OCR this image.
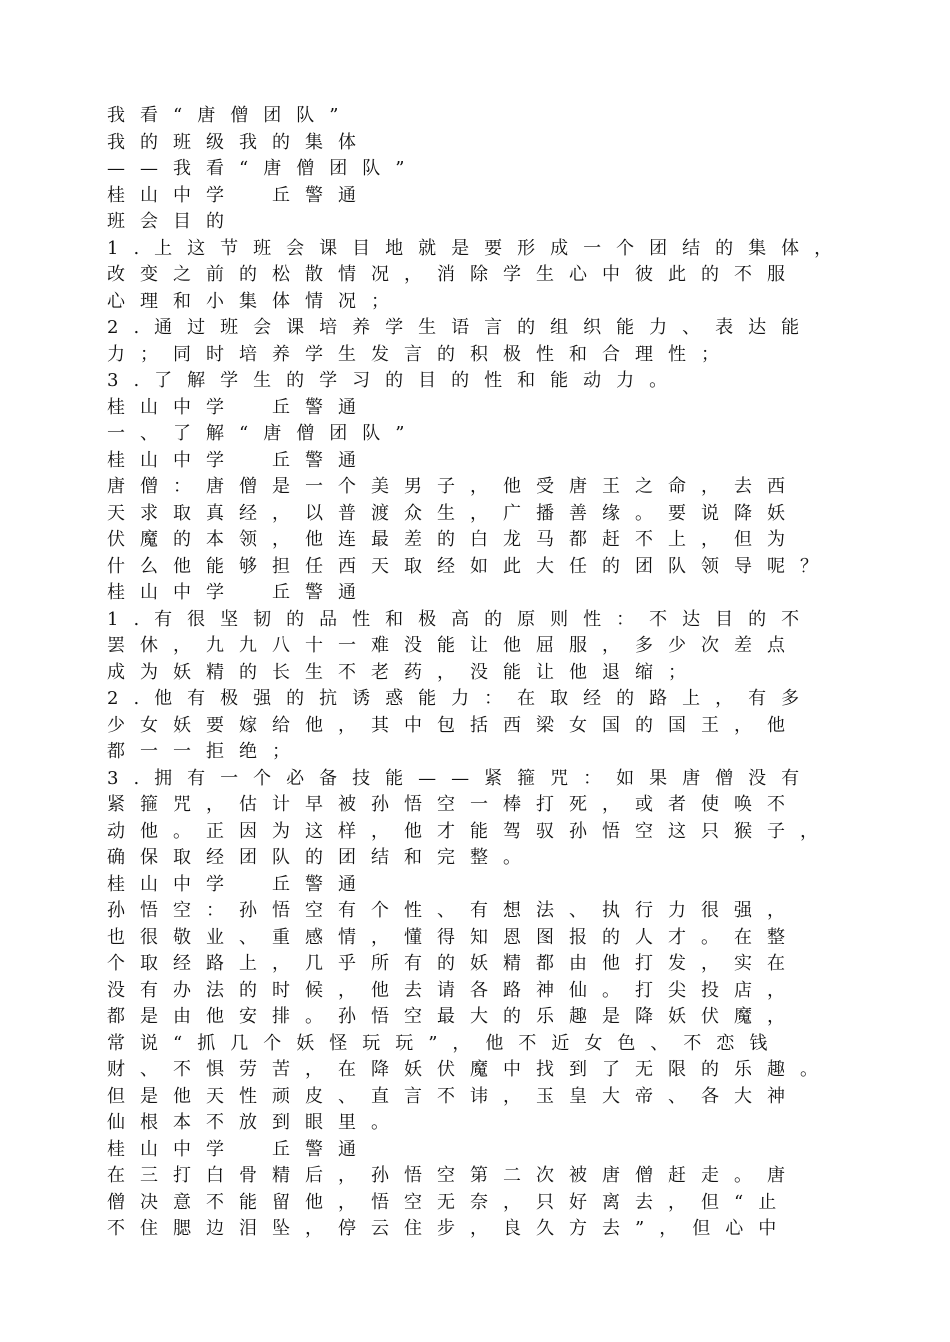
我看“唐僧团队”
我的班级我的集体
——我看“唐僧团队”
桂山中学　丘警通
班会目的
1.上这节班会课目地就是要形成一个团结的集体，
改变之前的松散情况，消除学生心中彼此的不服
心理和小集体情况；
2.通过班会课培养学生语言的组织能力、表达能
力；同时培养学生发言的积极性和合理性；
3.了解学生的学习的目的性和能动力。
桂山中学　丘警通
一、了解“唐僧团队”
桂山中学　丘警通
唐僧：唐僧是一个美男子，他受唐王之命，去西
天求取真经，以普渡众生，广播善缘。要说降妖
伏魔的本领，他连最差的白龙马都赶不上，但为
什么他能够担任西天取经如此大任的团队领导呢？
桂山中学　丘警通
1.有很坚韧的品性和极高的原则性：不达目的不
罢休，九九八十一难没能让他屈服，多少次差点
成为妖精的长生不老药，没能让他退缩；
2.他有极强的抗诱惑能力：在取经的路上，有多
少女妖要嫁给他，其中包括西梁女国的国王，他
都一一拒绝；
3.拥有一个必备技能——紧箍咒：如果唐僧没有
紧箍咒，估计早被孙悟空一棒打死，或者使唤不
动他。正因为这样，他才能驾驭孙悟空这只猴子，
确保取经团队的团结和完整。
桂山中学　丘警通
孙悟空：孙悟空有个性、有想法、执行力很强，
也很敬业、重感情，懂得知恩图报的人才。在整
个取经路上，几乎所有的妖精都由他打发，实在
没有办法的时候，他去请各路神仙。打尖投店，
都是由他安排。孙悟空最大的乐趣是降妖伏魔，
常说“抓几个妖怪玩玩”，他不近女色、不恋钱
财、不惧劳苦，在降妖伏魔中找到了无限的乐趣。
但是他天性顽皮、直言不讳，玉皇大帝、各大神
仙根本不放到眼里。
桂山中学　丘警通
在三打白骨精后，孙悟空第二次被唐僧赶走。唐
僧决意不能留他，悟空无奈，只好离去，但“止
不住腮边泪坠，停云住步，良久方去”，但心中
